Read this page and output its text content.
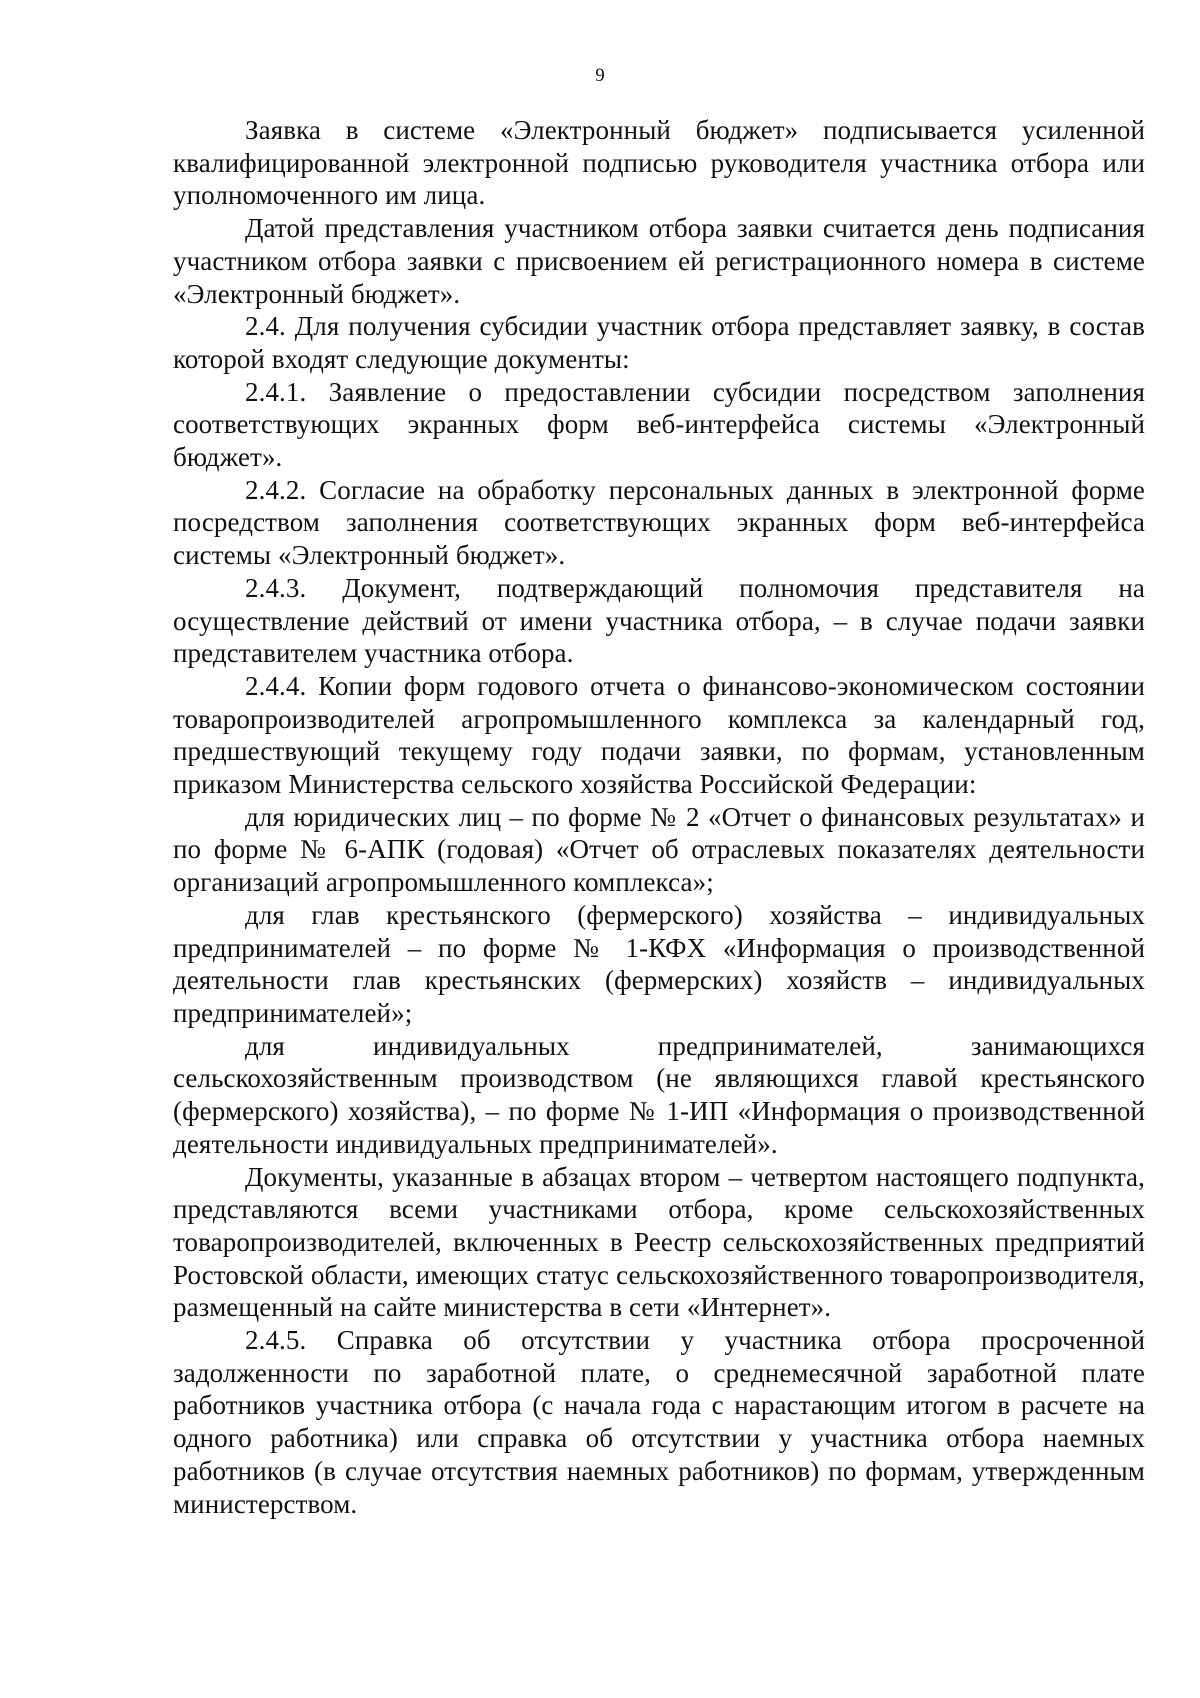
9

Заявка в системе «Электронный бюджет» подписывается усиленной квалифицированной электронной подписью руководителя участника отбора или уполномоченного им лица.

Датой представления участником отбора заявки считается день подписания участником отбора заявки с присвоением ей регистрационного номера в системе «Электронный бюджет».

2.4. Для получения субсидии участник отбора представляет заявку, в состав которой входят следующие документы:

2.4.1. Заявление о предоставлении субсидии посредством заполнения соответствующих экранных форм веб-интерфейса системы «Электронный бюджет».

2.4.2. Согласие на обработку персональных данных в электронной форме посредством заполнения соответствующих экранных форм веб-интерфейса системы «Электронный бюджет».

2.4.3. Документ, подтверждающий полномочия представителя на осуществление действий от имени участника отбора, – в случае подачи заявки представителем участника отбора.

2.4.4. Копии форм годового отчета о финансово-экономическом состоянии товаропроизводителей агропромышленного комплекса за календарный год, предшествующий текущему году подачи заявки, по формам, установленным приказом Министерства сельского хозяйства Российской Федерации:

для юридических лиц – по форме № 2 «Отчет о финансовых результатах» и по форме № 6-АПК (годовая) «Отчет об отраслевых показателях деятельности организаций агропромышленного комплекса»;

для глав крестьянского (фермерского) хозяйства – индивидуальных предпринимателей – по форме № 1-КФХ «Информация о производственной деятельности глав крестьянских (фермерских) хозяйств – индивидуальных предпринимателей»;

для индивидуальных предпринимателей, занимающихся сельскохозяйственным производством (не являющихся главой крестьянского (фермерского) хозяйства), – по форме № 1-ИП «Информация о производственной деятельности индивидуальных предпринимателей».

Документы, указанные в абзацах втором – четвертом настоящего подпункта, представляются всеми участниками отбора, кроме сельскохозяйственных товаропроизводителей, включенных в Реестр сельскохозяйственных предприятий Ростовской области, имеющих статус сельскохозяйственного товаропроизводителя, размещенный на сайте министерства в сети «Интернет».

2.4.5. Справка об отсутствии у участника отбора просроченной задолженности по заработной плате, о среднемесячной заработной плате работников участника отбора (с начала года с нарастающим итогом в расчете на одного работника) или справка об отсутствии у участника отбора наемных работников (в случае отсутствия наемных работников) по формам, утвержденным министерством.
